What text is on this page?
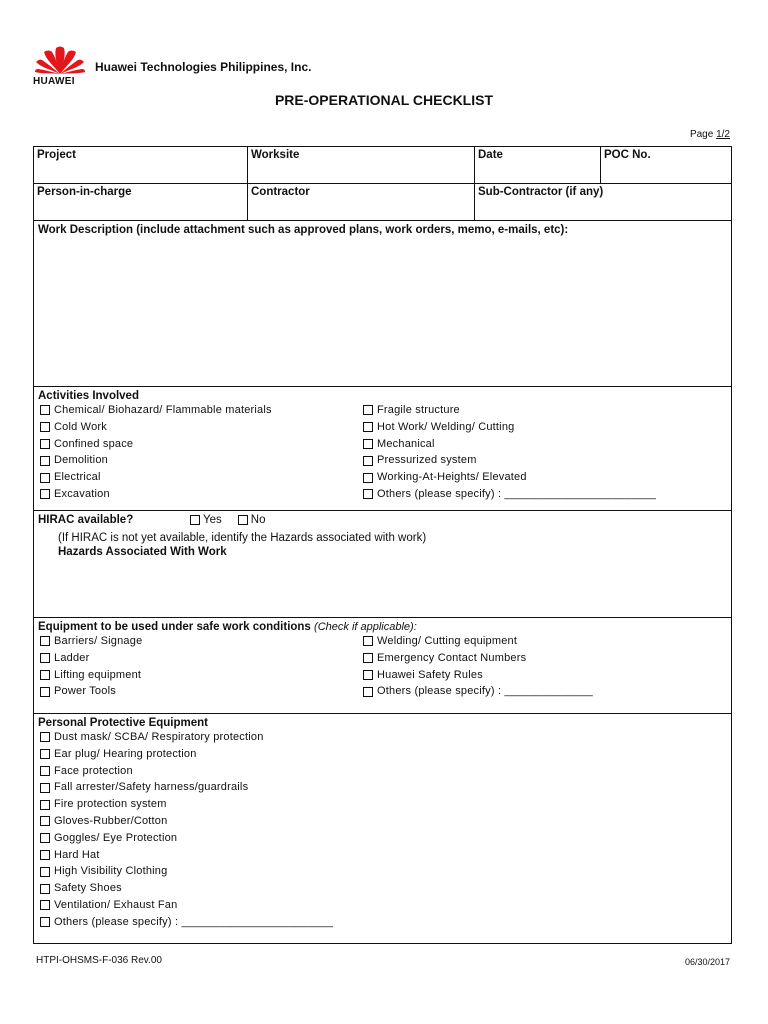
HUAWEI
Huawei Technologies Philippines, Inc.
PRE-OPERATIONAL CHECKLIST
Page 1/2
Project	Worksite	Date	POC No.
Person-in-charge	Contractor	Sub-Contractor (if any)
Work Description (include attachment such as approved plans, work orders, memo, e-mails, etc):
Activities Involved
Chemical/ Biohazard/ Flammable materials
Cold Work
Confined space
Demolition
Electrical
Excavation
Fragile structure
Hot Work/ Welding/ Cutting
Mechanical
Pressurized system
Working-At-Heights/ Elevated
Others (please specify) : ________________________
HIRAC available?	Yes	No
(If HIRAC is not yet available, identify the Hazards associated with work)
Hazards Associated With Work
Equipment to be used under safe work conditions (Check if applicable):
Barriers/ Signage
Ladder
Lifting equipment
Power Tools
Welding/ Cutting equipment
Emergency Contact Numbers
Huawei Safety Rules
Others (please specify) : ______________
Personal Protective Equipment
Dust mask/ SCBA/ Respiratory protection
Ear plug/ Hearing protection
Face protection
Fall arrester/Safety harness/guardrails
Fire protection system
Gloves-Rubber/Cotton
Goggles/ Eye Protection
Hard Hat
High Visibility Clothing
Safety Shoes
Ventilation/ Exhaust Fan
Others (please specify) : ________________________
HTPI-OHSMS-F-036 Rev.00	06/30/2017
